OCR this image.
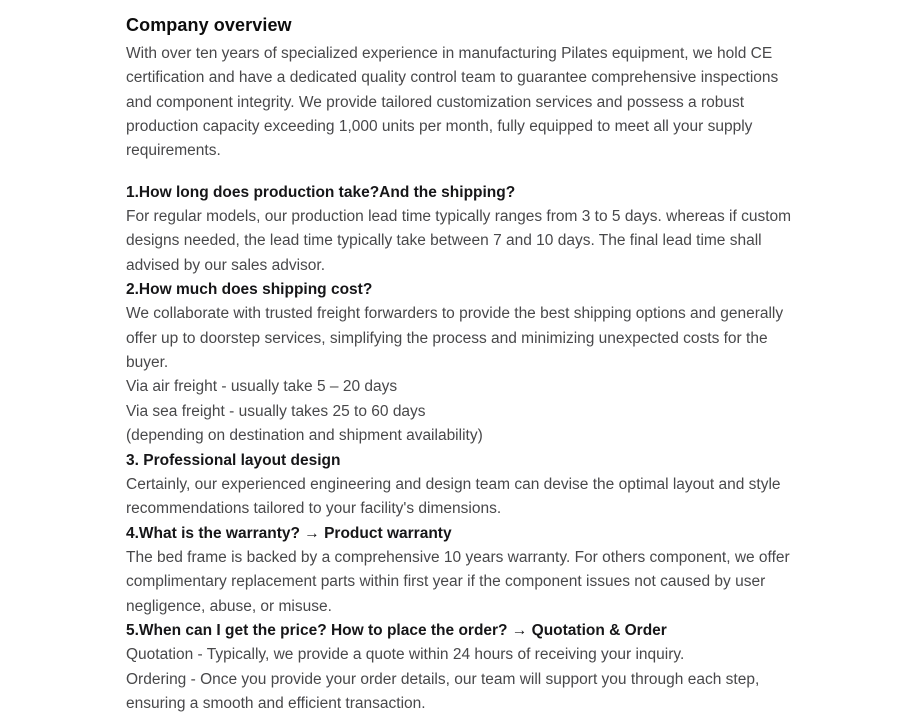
Company overview

With over ten years of specialized experience in manufacturing Pilates equipment, we hold CE certification and have a dedicated quality control team to guarantee comprehensive inspections and component integrity. We provide tailored customization services and possess a robust production capacity exceeding 1,000 units per month, fully equipped to meet all your supply requirements.

1.How long does production take?And the shipping?

For regular models, our production lead time typically ranges from 3 to 5 days. whereas if custom designs needed, the lead time typically take between 7 and 10 days. The final lead time shall advised by our sales advisor.

2.How much does shipping cost?

We collaborate with trusted freight forwarders to provide the best shipping options and generally offer up to doorstep services, simplifying the process and minimizing unexpected costs for the buyer.

Via air freight - usually take 5 – 20 days

Via sea freight - usually takes 25 to 60 days

(depending on destination and shipment availability)

3. Professional layout design

Certainly, our experienced engineering and design team can devise the optimal layout and style recommendations tailored to your facility's dimensions.

4.What is the warranty? → Product warranty

The bed frame is backed by a comprehensive 10 years warranty. For others component, we offer complimentary replacement parts within first year if the component issues not caused by user negligence, abuse, or misuse.

5.When can I get the price? How to place the order? → Quotation & Order

Quotation - Typically, we provide a quote within 24 hours of receiving your inquiry.

Ordering - Once you provide your order details, our team will support you through each step, ensuring a smooth and efficient transaction.
